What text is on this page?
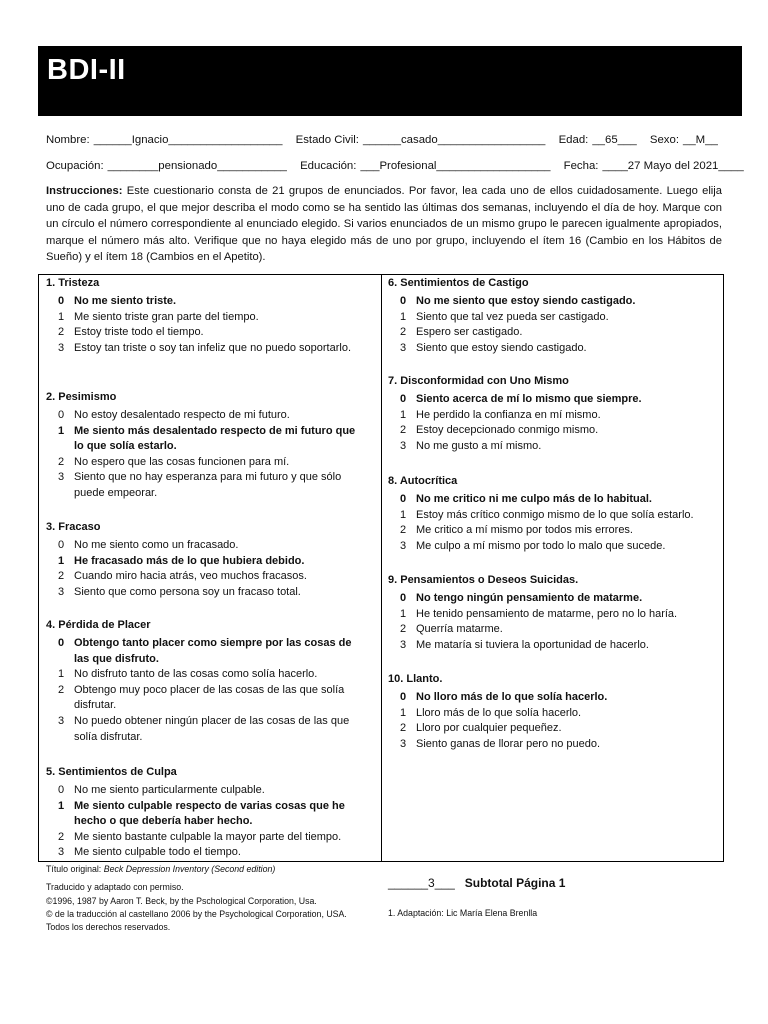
BDI-II
Nombre: ______Ignacio__________________ Estado Civil: ______casado_________________ Edad: __65___ Sexo: __M__
Ocupación: ________pensionado___________ Educación: ___Profesional__________________ Fecha: ____27 Mayo del 2021____
Instrucciones: Este cuestionario consta de 21 grupos de enunciados. Por favor, lea cada uno de ellos cuidadosamente. Luego elija uno de cada grupo, el que mejor describa el modo como se ha sentido las últimas dos semanas, incluyendo el día de hoy. Marque con un círculo el número correspondiente al enunciado elegido. Si varios enunciados de un mismo grupo le parecen igualmente apropiados, marque el número más alto. Verifique que no haya elegido más de uno por grupo, incluyendo el ítem 16 (Cambio en los Hábitos de Sueño) y el ítem 18 (Cambios en el Apetito).
1. Tristeza
0 No me siento triste.
1 Me siento triste gran parte del tiempo.
2 Estoy triste todo el tiempo.
3 Estoy tan triste o soy tan infeliz que no puedo soportarlo.
2. Pesimismo
0 No estoy desalentado respecto de mi futuro.
1 Me siento más desalentado respecto de mi futuro que lo que solía estarlo.
2 No espero que las cosas funcionen para mí.
3 Siento que no hay esperanza para mi futuro y que sólo puede empeorar.
3. Fracaso
0 No me siento como un fracasado.
1 He fracasado más de lo que hubiera debido.
2 Cuando miro hacia atrás, veo muchos fracasos.
3 Siento que como persona soy un fracaso total.
4. Pérdida de Placer
0 Obtengo tanto placer como siempre por las cosas de las que disfruto.
1 No disfruto tanto de las cosas como solía hacerlo.
2 Obtengo muy poco placer de las cosas de las que solía disfrutar.
3 No puedo obtener ningún placer de las cosas de las que solía disfrutar.
5. Sentimientos de Culpa
0 No me siento particularmente culpable.
1 Me siento culpable respecto de varias cosas que he hecho o que debería haber hecho.
2 Me siento bastante culpable la mayor parte del tiempo.
3 Me siento culpable todo el tiempo.
6. Sentimientos de Castigo
0 No me siento que estoy siendo castigado.
1 Siento que tal vez pueda ser castigado.
2 Espero ser castigado.
3 Siento que estoy siendo castigado.
7. Disconformidad con Uno Mismo
0 Siento acerca de mí lo mismo que siempre.
1 He perdido la confianza en mí mismo.
2 Estoy decepcionado conmigo mismo.
3 No me gusto a mí mismo.
8. Autocrítica
0 No me critico ni me culpo más de lo habitual.
1 Estoy más crítico conmigo mismo de lo que solía estarlo.
2 Me critico a mí mismo por todos mis errores.
3 Me culpo a mí mismo por todo lo malo que sucede.
9. Pensamientos o Deseos Suicidas.
0 No tengo ningún pensamiento de matarme.
1 He tenido pensamiento de matarme, pero no lo haría.
2 Querría matarme.
3 Me mataría si tuviera la oportunidad de hacerlo.
10. Llanto.
0 No lloro más de lo que solía hacerlo.
1 Lloro más de lo que solía hacerlo.
2 Lloro por cualquier pequeñez.
3 Siento ganas de llorar pero no puedo.
Título original: Beck Depression Inventory (Second edition)
Traducido y adaptado con permiso.
©1996, 1987 by Aaron T. Beck, by the Pschological Corporation, Usa.
© de la traducción al castellano 2006 by the Psychological Corporation, USA.
Todos los derechos reservados.
______3___ Subtotal Página 1
1. Adaptación: Lic María Elena Brenlla
